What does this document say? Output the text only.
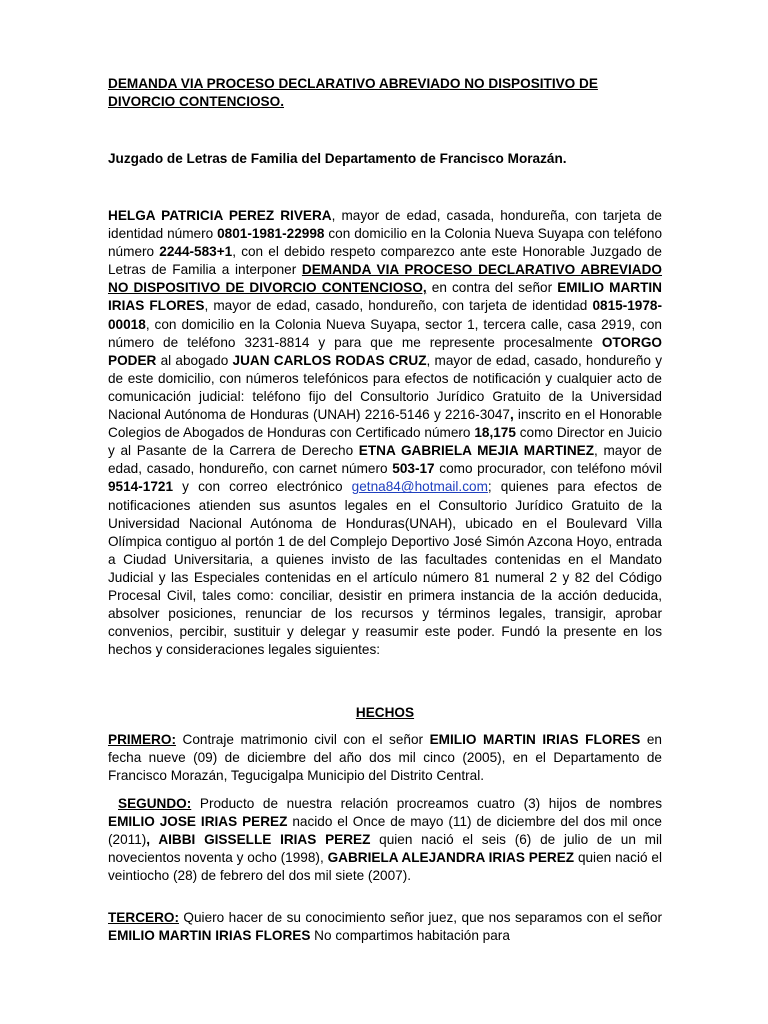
DEMANDA VIA PROCESO DECLARATIVO ABREVIADO NO DISPOSITIVO DE DIVORCIO CONTENCIOSO.

Juzgado de Letras de Familia del Departamento de Francisco Morazán.

HELGA PATRICIA PEREZ RIVERA, mayor de edad, casada, hondureña, con tarjeta de identidad número 0801-1981-22998 con domicilio en la Colonia Nueva Suyapa con teléfono número 2244-583+1, con el debido respeto comparezco ante este Honorable Juzgado de Letras de Familia a interponer DEMANDA VIA PROCESO DECLARATIVO ABREVIADO NO DISPOSITIVO DE DIVORCIO CONTENCIOSO, en contra del señor EMILIO MARTIN IRIAS FLORES, mayor de edad, casado, hondureño, con tarjeta de identidad 0815-1978-00018, con domicilio en la Colonia Nueva Suyapa, sector 1, tercera calle, casa 2919, con número de teléfono 3231-8814 y para que me represente procesalmente OTORGO PODER al abogado JUAN CARLOS RODAS CRUZ, mayor de edad, casado, hondureño y de este domicilio, con números telefónicos para efectos de notificación y cualquier acto de comunicación judicial: teléfono fijo del Consultorio Jurídico Gratuito de la Universidad Nacional Autónoma de Honduras (UNAH) 2216-5146 y 2216-3047, inscrito en el Honorable Colegios de Abogados de Honduras con Certificado número 18,175 como Director en Juicio y al Pasante de la Carrera de Derecho ETNA GABRIELA MEJIA MARTINEZ, mayor de edad, casado, hondureño, con carnet número 503-17 como procurador, con teléfono móvil 9514-1721 y con correo electrónico getna84@hotmail.com; quienes para efectos de notificaciones atienden sus asuntos legales en el Consultorio Jurídico Gratuito de la Universidad Nacional Autónoma de Honduras(UNAH), ubicado en el Boulevard Villa Olímpica contiguo al portón 1 de del Complejo Deportivo José Simón Azcona Hoyo, entrada a Ciudad Universitaria, a quienes invisto de las facultades contenidas en el Mandato Judicial y las Especiales contenidas en el artículo número 81 numeral 2 y 82 del Código Procesal Civil, tales como: conciliar, desistir en primera instancia de la acción deducida, absolver posiciones, renunciar de los recursos y términos legales, transigir, aprobar convenios, percibir, sustituir y delegar y reasumir este poder. Fundó la presente en los hechos y consideraciones legales siguientes:

HECHOS

PRIMERO: Contraje matrimonio civil con el señor EMILIO MARTIN IRIAS FLORES en fecha nueve (09) de diciembre del año dos mil cinco (2005), en el Departamento de Francisco Morazán, Tegucigalpa Municipio del Distrito Central.

SEGUNDO: Producto de nuestra relación procreamos cuatro (3) hijos de nombres EMILIO JOSE IRIAS PEREZ nacido el Once de mayo (11) de diciembre del dos mil once (2011), AIBBI GISSELLE IRIAS PEREZ quien nació el seis (6) de julio de un mil novecientos noventa y ocho (1998), GABRIELA ALEJANDRA IRIAS PEREZ quien nació el veintiocho (28) de febrero del dos mil siete (2007).

TERCERO: Quiero hacer de su conocimiento señor juez, que nos separamos con el señor EMILIO MARTIN IRIAS FLORES No compartimos habitación para
